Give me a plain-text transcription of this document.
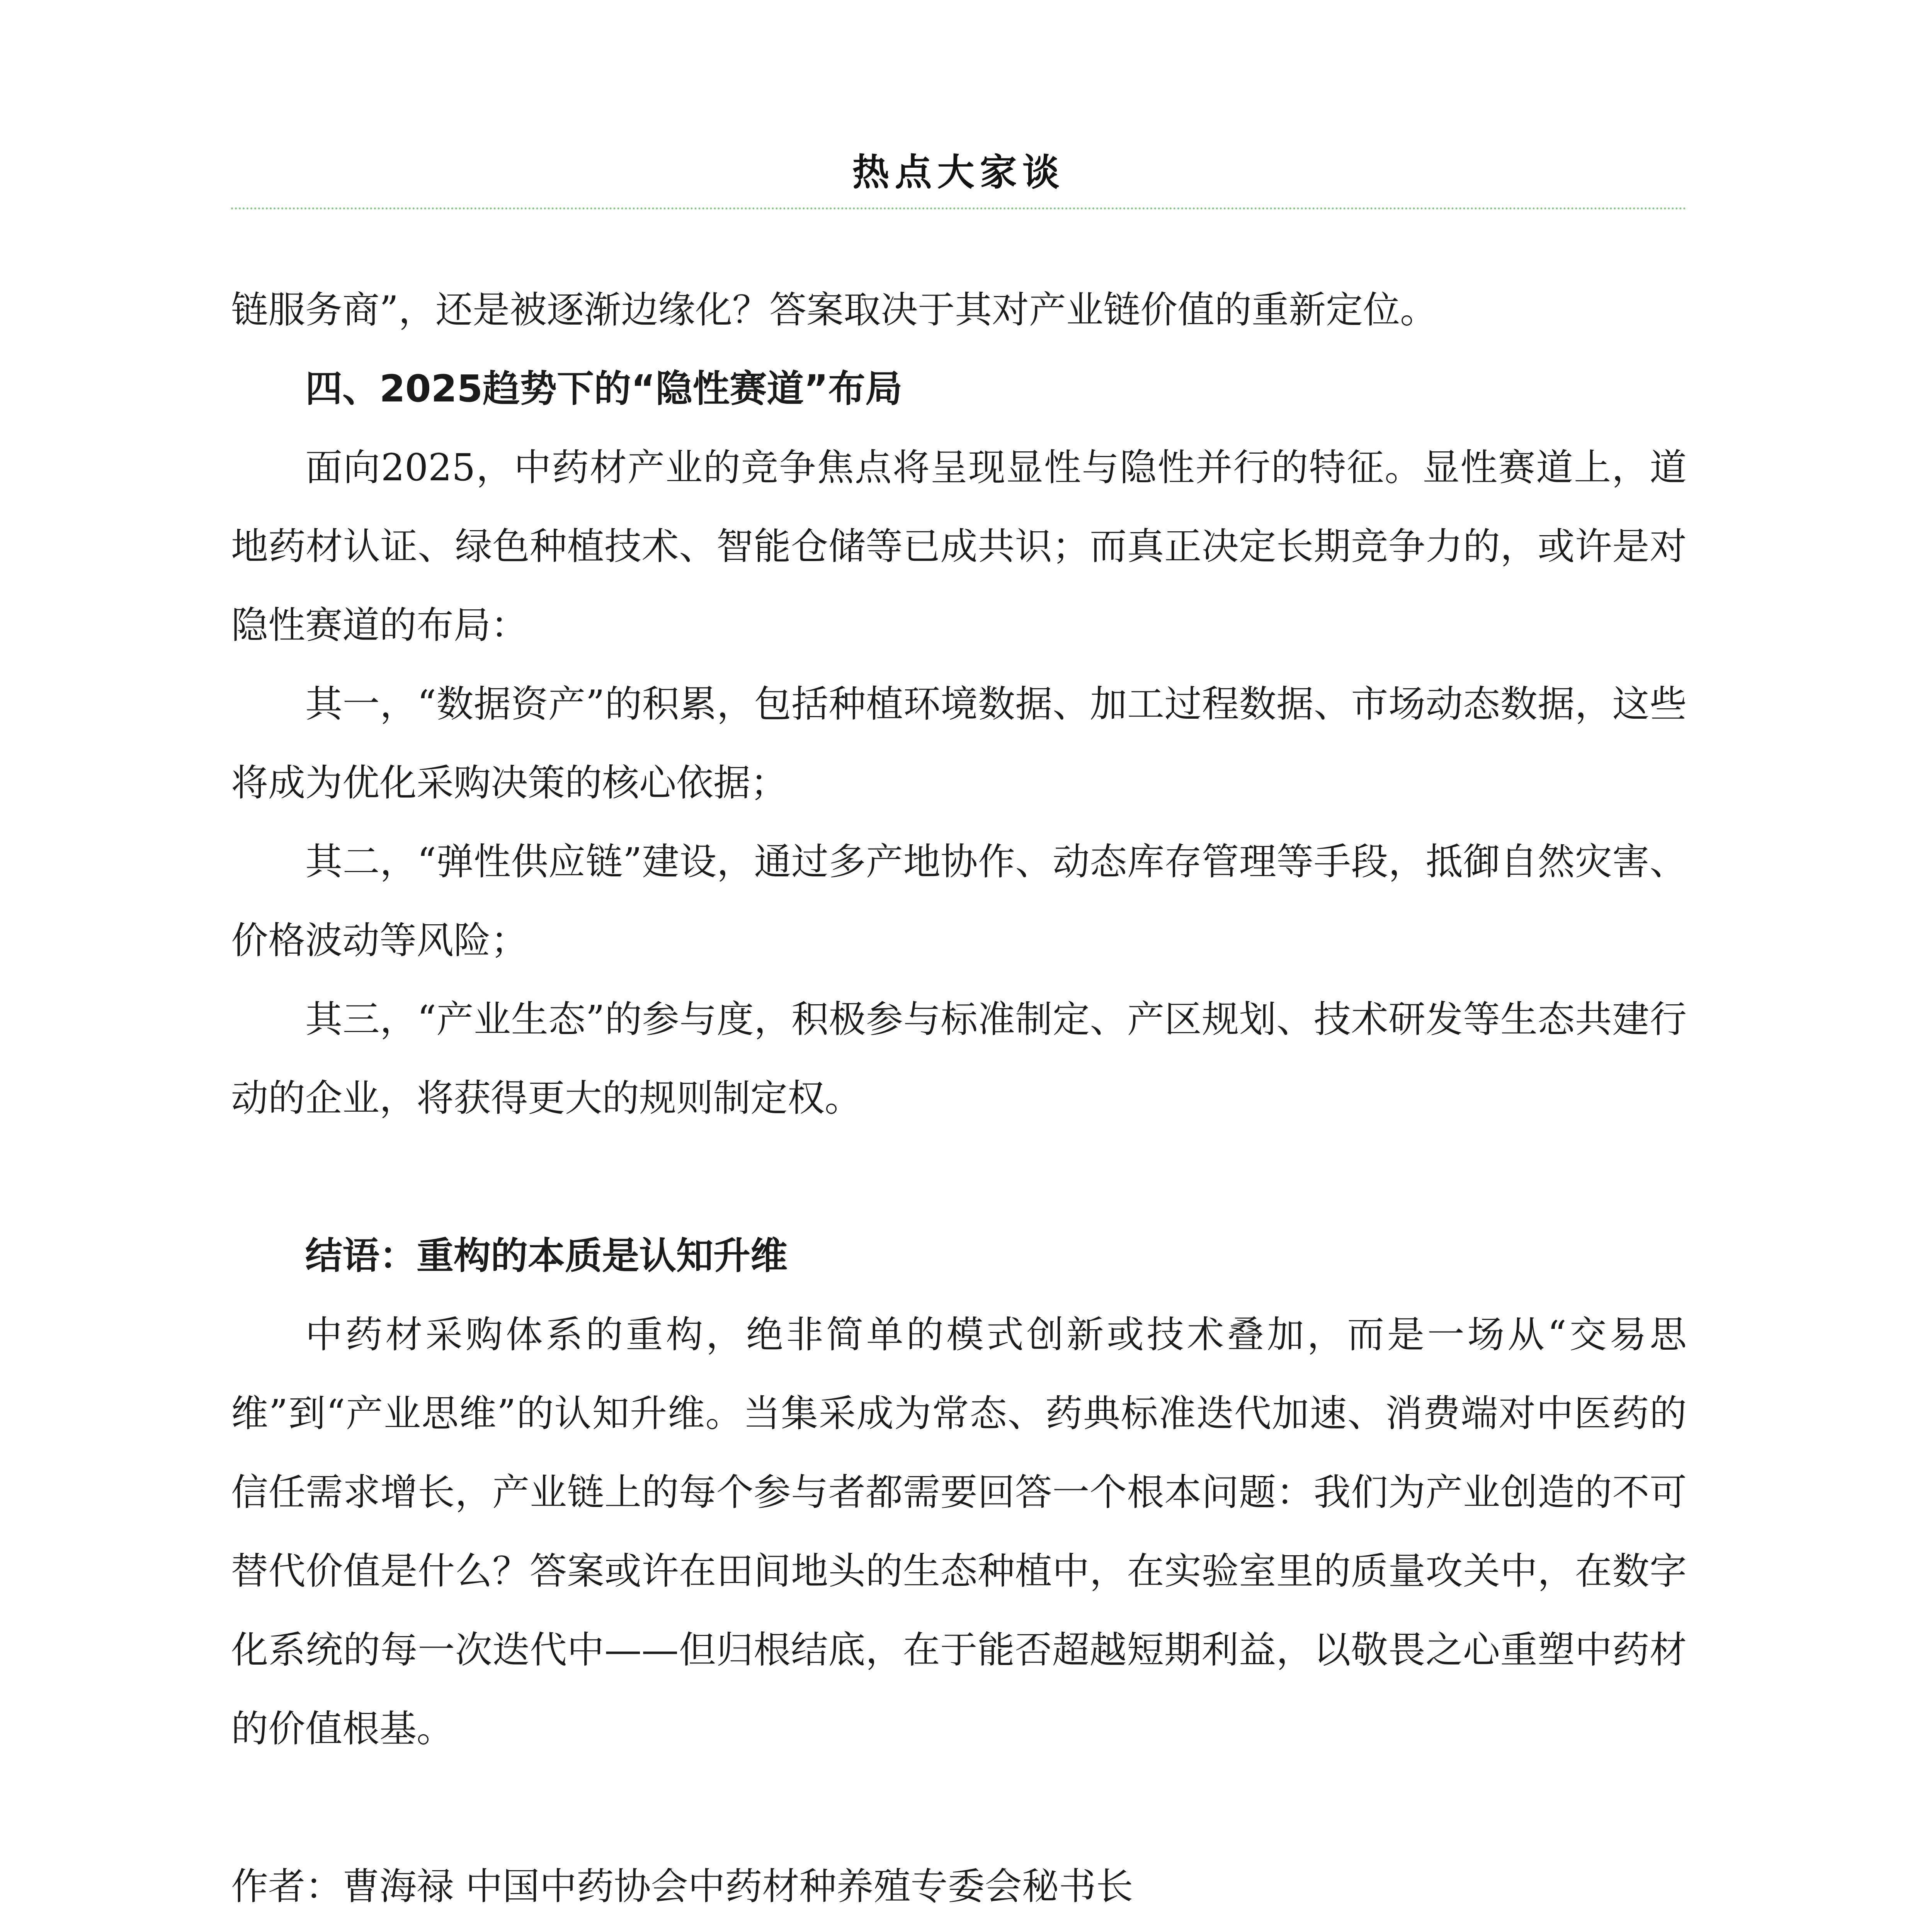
热点大家谈

链服务商”，还是被逐渐边缘化？答案取决于其对产业链价值的重新定位。

四、2025趋势下的“隐性赛道”布局

面向2025，中药材产业的竞争焦点将呈现显性与隐性并行的特征。显性赛道上，道地药材认证、绿色种植技术、智能仓储等已成共识；而真正决定长期竞争力的，或许是对隐性赛道的布局：

其一，“数据资产”的积累，包括种植环境数据、加工过程数据、市场动态数据，这些将成为优化采购决策的核心依据；

其二，“弹性供应链”建设，通过多产地协作、动态库存管理等手段，抵御自然灾害、价格波动等风险；

其三，“产业生态”的参与度，积极参与标准制定、产区规划、技术研发等生态共建行动的企业，将获得更大的规则制定权。

结语：重构的本质是认知升维

中药材采购体系的重构，绝非简单的模式创新或技术叠加，而是一场从“交易思维”到“产业思维”的认知升维。当集采成为常态、药典标准迭代加速、消费端对中医药的信任需求增长，产业链上的每个参与者都需要回答一个根本问题：我们为产业创造的不可替代价值是什么？答案或许在田间地头的生态种植中，在实验室里的质量攻关中，在数字化系统的每一次迭代中——但归根结底，在于能否超越短期利益，以敬畏之心重塑中药材的价值根基。

作者：曹海禄 中国中药协会中药材种养殖专委会秘书长
